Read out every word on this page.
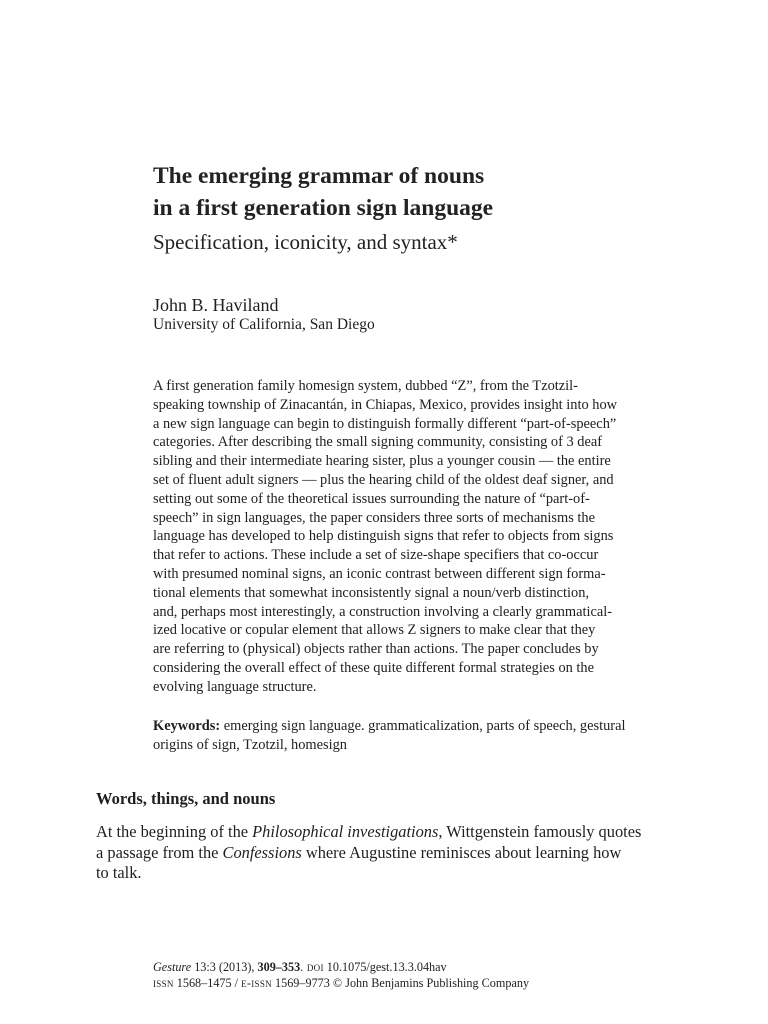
The emerging grammar of nouns
in a first generation sign language
Specification, iconicity, and syntax*
John B. Haviland
University of California, San Diego
A first generation family homesign system, dubbed “Z”, from the Tzotzil-
speaking township of Zinacantán, in Chiapas, Mexico, provides insight into how
a new sign language can begin to distinguish formally different “part-of-speech”
categories. After describing the small signing community, consisting of 3 deaf
sibling and their intermediate hearing sister, plus a younger cousin — the entire
set of fluent adult signers — plus the hearing child of the oldest deaf signer, and
setting out some of the theoretical issues surrounding the nature of “part-of-
speech” in sign languages, the paper considers three sorts of mechanisms the
language has developed to help distinguish signs that refer to objects from signs
that refer to actions. These include a set of size-shape specifiers that co-occur
with presumed nominal signs, an iconic contrast between different sign forma-
tional elements that somewhat inconsistently signal a noun/verb distinction,
and, perhaps most interestingly, a construction involving a clearly grammatical-
ized locative or copular element that allows Z signers to make clear that they
are referring to (physical) objects rather than actions. The paper concludes by
considering the overall effect of these quite different formal strategies on the
evolving language structure.
Keywords: emerging sign language. grammaticalization, parts of speech, gestural
origins of sign, Tzotzil, homesign
Words, things, and nouns
At the beginning of the Philosophical investigations, Wittgenstein famously quotes
a passage from the Confessions where Augustine reminisces about learning how
to talk.
Gesture 13:3 (2013), 309–353. doi 10.1075/gest.13.3.04hav
issn 1568–1475 / e-issn 1569–9773 © John Benjamins Publishing Company
